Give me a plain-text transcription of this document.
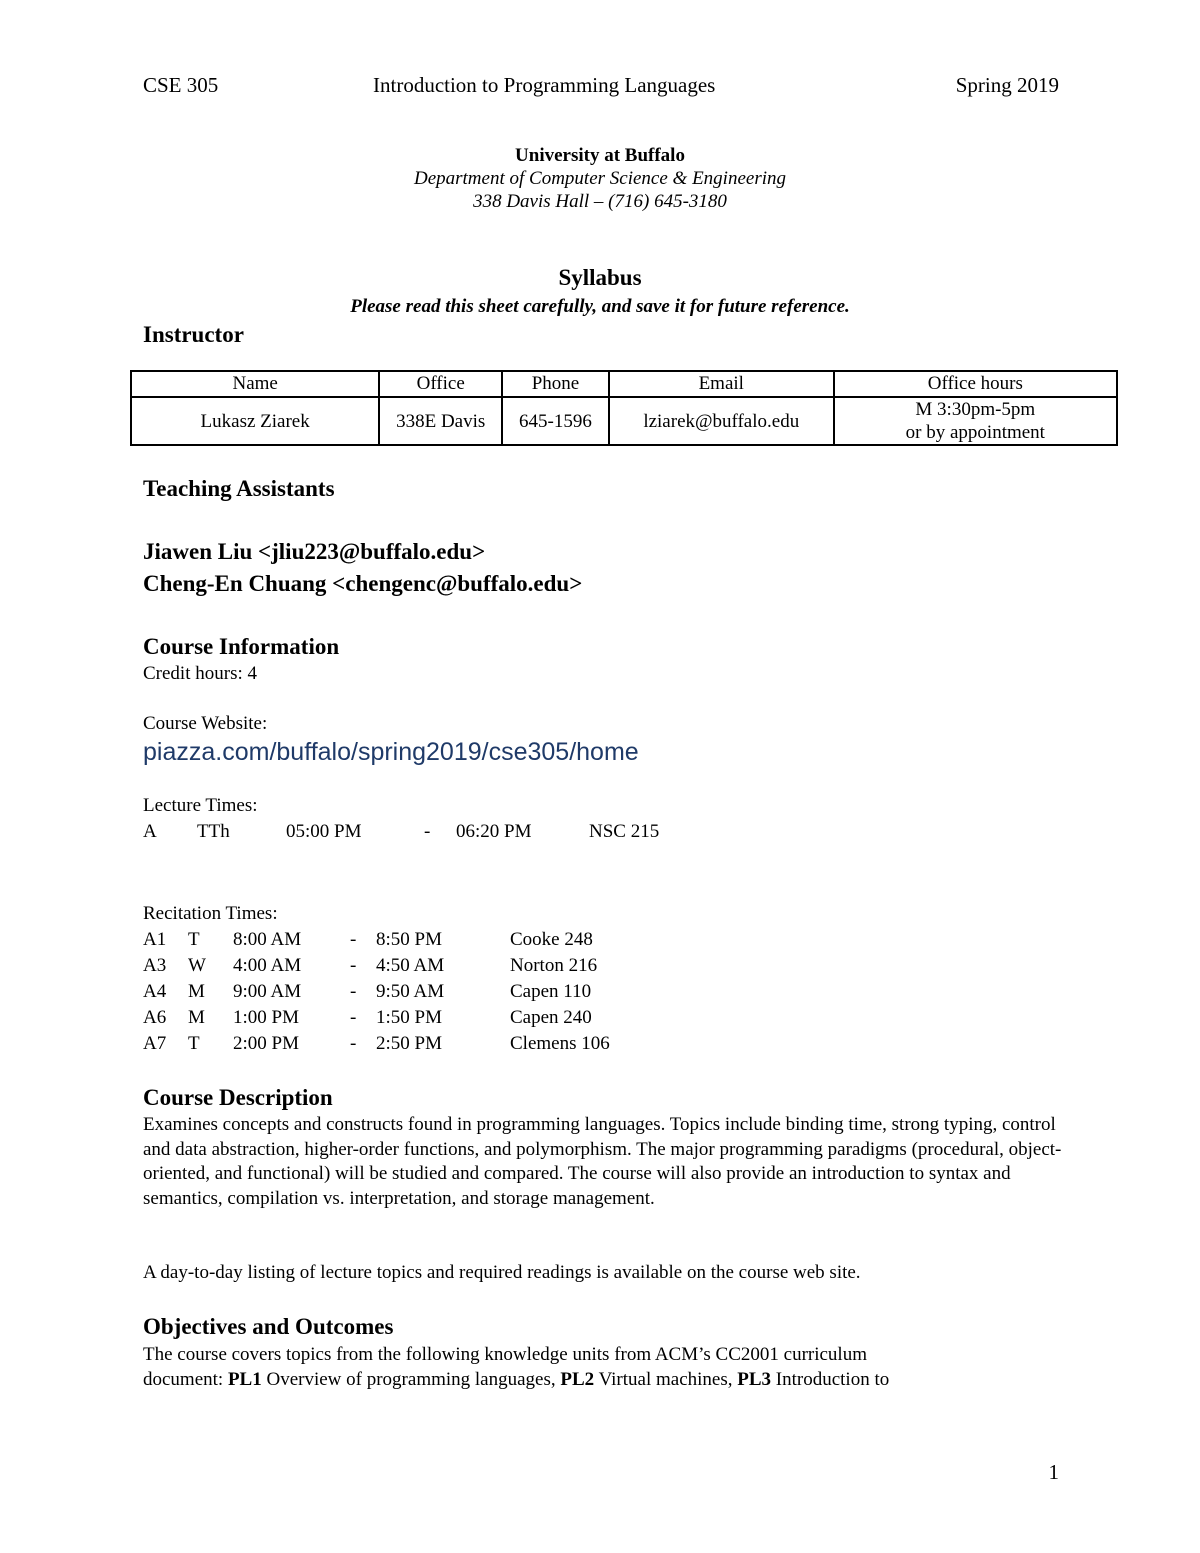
CSE 305	Introduction to Programming Languages	Spring 2019
University at Buffalo
Department of Computer Science & Engineering
338 Davis Hall – (716) 645-3180
Syllabus
Please read this sheet carefully, and save it for future reference.
Instructor
Name	Office	Phone	Email	Office hours
Lukasz Ziarek	338E Davis	645-1596	lziarek@buffalo.edu	M 3:30pm-5pm
or by appointment
Teaching Assistants
Jiawen Liu <jliu223@buffalo.edu>
Cheng-En Chuang <chengenc@buffalo.edu>
Course Information
Credit hours: 4
Course Website:
piazza.com/buffalo/spring2019/cse305/home
Lecture Times:
A TTh	05:00 PM	- 06:20 PM	NSC 215
Recitation Times:
A1 T 8:00 AM	- 8:50 PM	Cooke 248
A3 W 4:00 AM	- 4:50 AM	Norton 216
A4 M 9:00 AM	- 9:50 AM	Capen 110
A6 M 1:00 PM	- 1:50 PM	Capen 240
A7 T 2:00 PM	- 2:50 PM	Clemens 106
Course Description
Examines concepts and constructs found in programming languages. Topics include binding time, strong typing, control and data abstraction, higher-order functions, and polymorphism. The major programming paradigms (procedural, object-oriented, and functional) will be studied and compared. The course will also provide an introduction to syntax and semantics, compilation vs. interpretation, and storage management.
A day-to-day listing of lecture topics and required readings is available on the course web site.
Objectives and Outcomes
The course covers topics from the following knowledge units from ACM’s CC2001 curriculum
document: PL1 Overview of programming languages, PL2 Virtual machines, PL3 Introduction to
1
